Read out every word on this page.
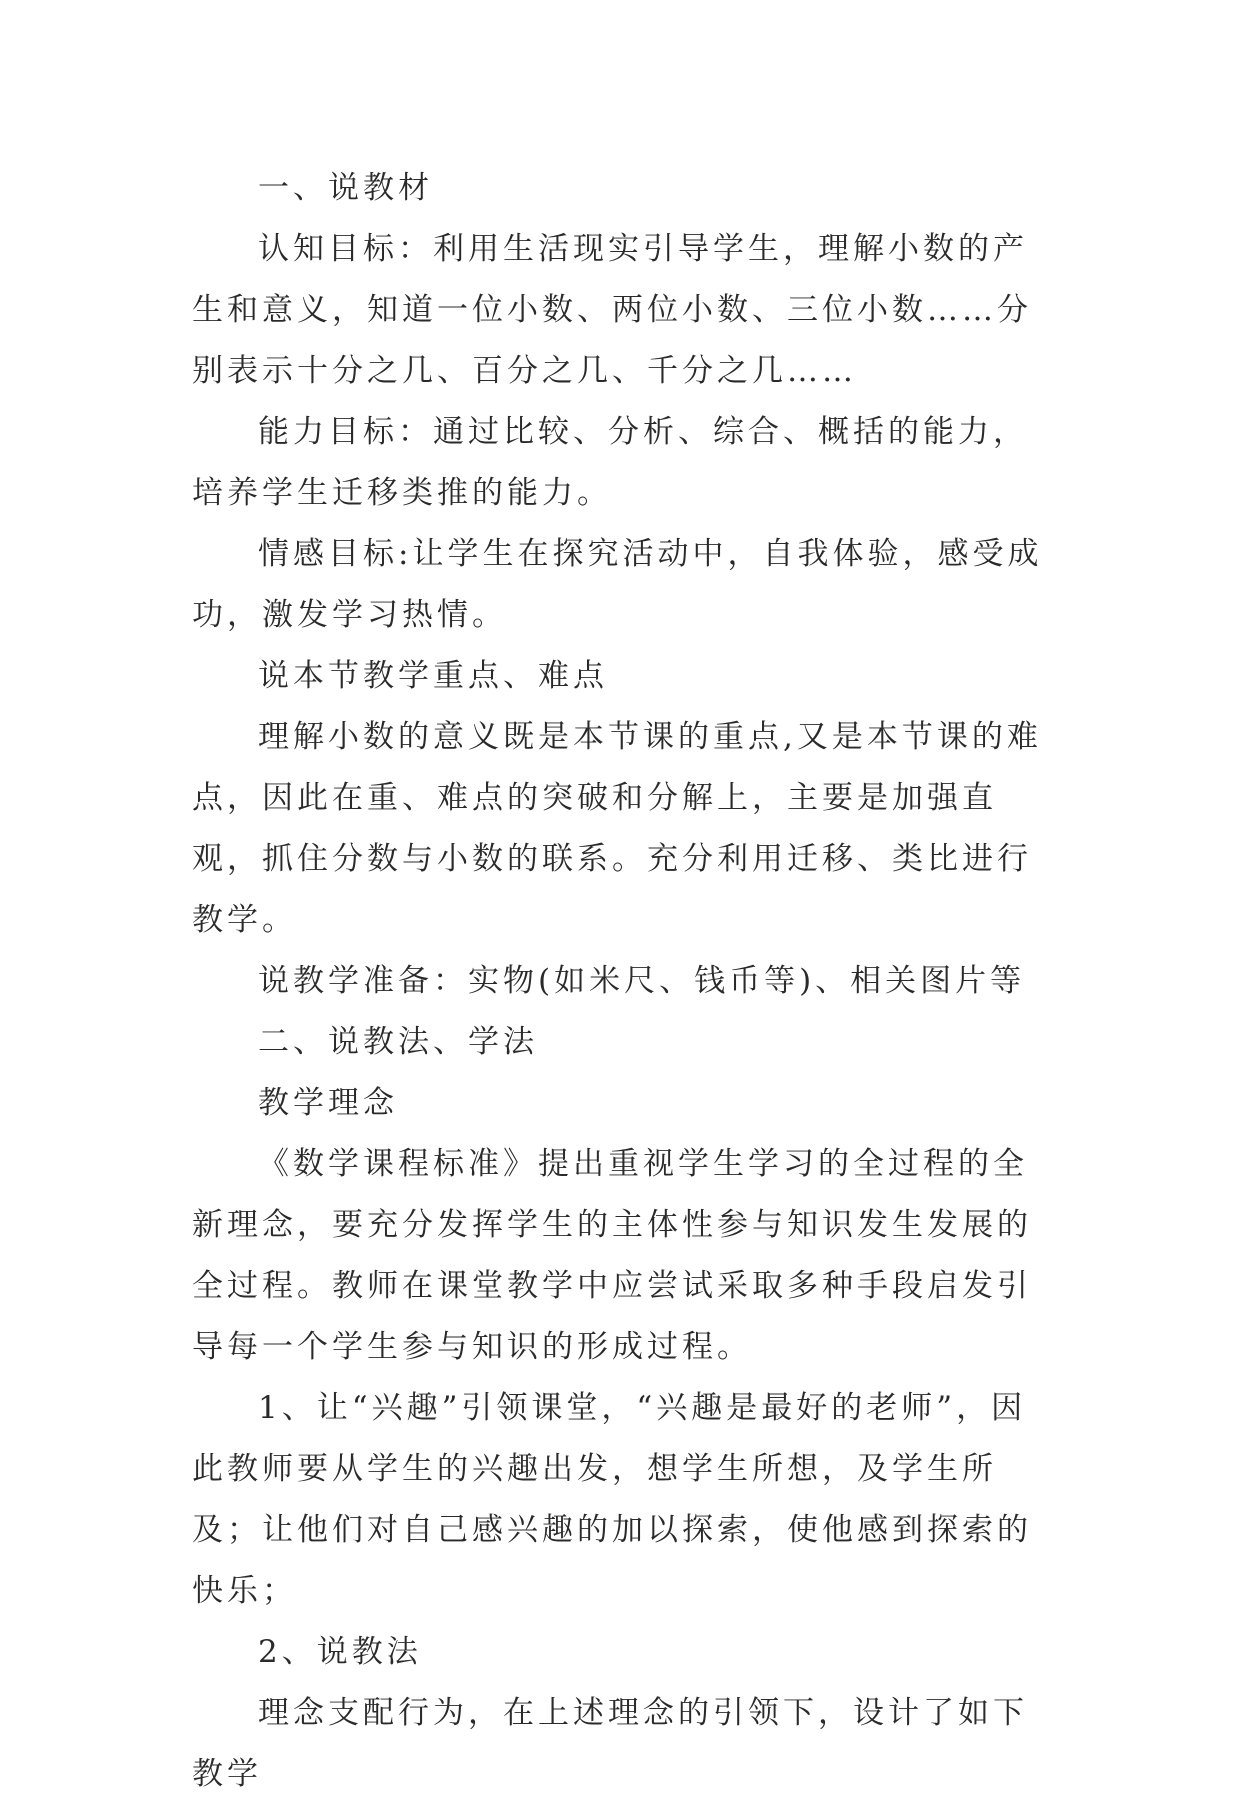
一、说教材

认知目标：利用生活现实引导学生，理解小数的产生和意义，知道一位小数、两位小数、三位小数……分别表示十分之几、百分之几、千分之几……

能力目标：通过比较、分析、综合、概括的能力，培养学生迁移类推的能力。

情感目标:让学生在探究活动中，自我体验，感受成功，激发学习热情。

说本节教学重点、难点

理解小数的意义既是本节课的重点,又是本节课的难点，因此在重、难点的突破和分解上，主要是加强直观，抓住分数与小数的联系。充分利用迁移、类比进行教学。

说教学准备：实物(如米尺、钱币等)、相关图片等

二、说教法、学法

教学理念

《数学课程标准》提出重视学生学习的全过程的全新理念，要充分发挥学生的主体性参与知识发生发展的全过程。教师在课堂教学中应尝试采取多种手段启发引导每一个学生参与知识的形成过程。

1、让“兴趣”引领课堂，“兴趣是最好的老师”，因此教师要从学生的兴趣出发，想学生所想，及学生所及；让他们对自己感兴趣的加以探索，使他感到探索的快乐；

2、说教法

理念支配行为，在上述理念的引领下，设计了如下教学
